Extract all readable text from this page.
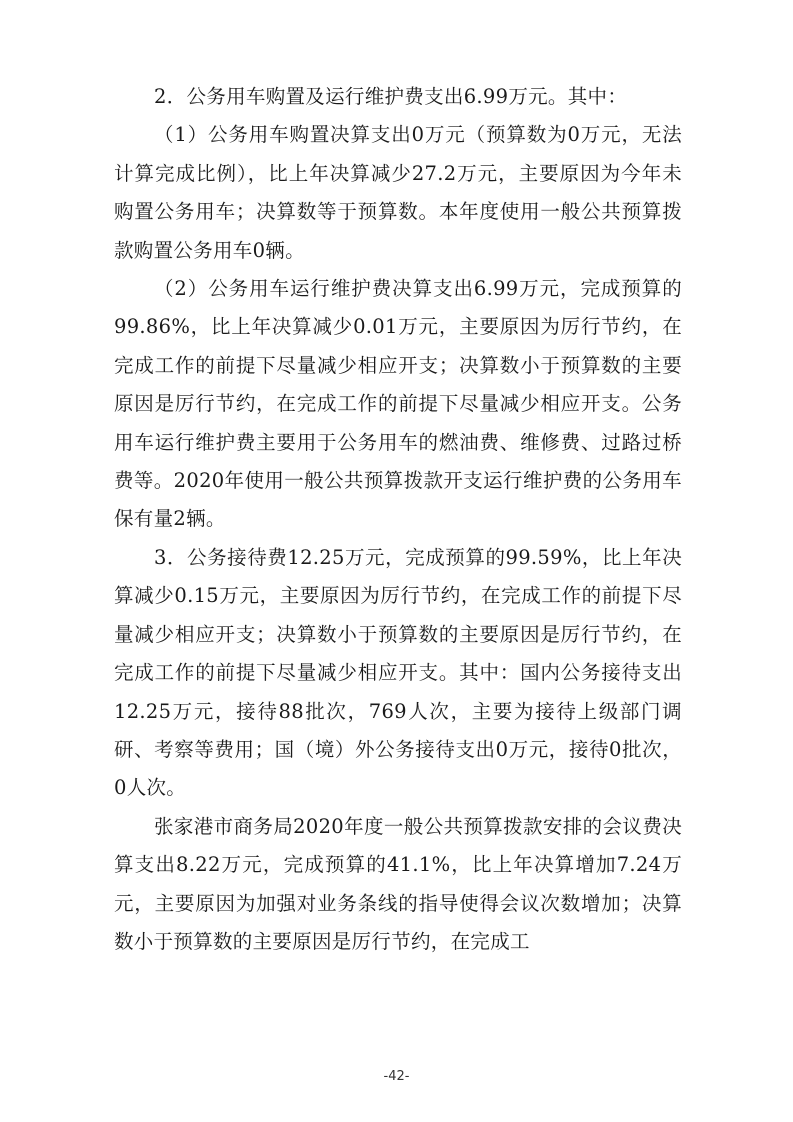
2．公务用车购置及运行维护费支出6.99万元。其中：

（1）公务用车购置决算支出0万元（预算数为0万元，无法计算完成比例），比上年决算减少27.2万元，主要原因为今年未购置公务用车；决算数等于预算数。本年度使用一般公共预算拨款购置公务用车0辆。

（2）公务用车运行维护费决算支出6.99万元，完成预算的99.86%，比上年决算减少0.01万元，主要原因为厉行节约，在完成工作的前提下尽量减少相应开支；决算数小于预算数的主要原因是厉行节约，在完成工作的前提下尽量减少相应开支。公务用车运行维护费主要用于公务用车的燃油费、维修费、过路过桥费等。2020年使用一般公共预算拨款开支运行维护费的公务用车保有量2辆。

3．公务接待费12.25万元，完成预算的99.59%，比上年决算减少0.15万元，主要原因为厉行节约，在完成工作的前提下尽量减少相应开支；决算数小于预算数的主要原因是厉行节约，在完成工作的前提下尽量减少相应开支。其中：国内公务接待支出12.25万元，接待88批次，769人次，主要为接待上级部门调研、考察等费用；国（境）外公务接待支出0万元，接待0批次，0人次。

张家港市商务局2020年度一般公共预算拨款安排的会议费决算支出8.22万元，完成预算的41.1%，比上年决算增加7.24万元，主要原因为加强对业务条线的指导使得会议次数增加；决算数小于预算数的主要原因是厉行节约，在完成工

-42-
